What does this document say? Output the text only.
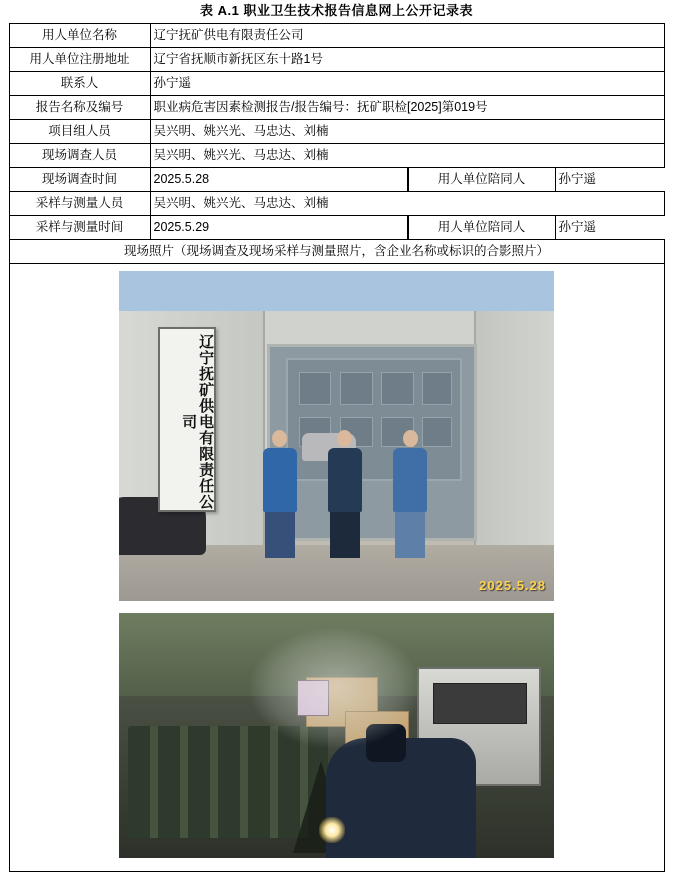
表 A.1 职业卫生技术报告信息网上公开记录表
用人单位名称	辽宁抚矿供电有限责任公司
用人单位注册地址	辽宁省抚顺市新抚区东十路1号
联系人	孙宁遥
报告名称及编号	职业病危害因素检测报告/报告编号：抚矿职检[2025]第019号
项目组人员	吴兴明、姚兴光、马忠达、刘楠
现场调查人员	吴兴明、姚兴光、马忠达、刘楠
现场调查时间	2025.5.28		用人单位陪同人	孙宁遥

采样与测量人员	吴兴明、姚兴光、马忠达、刘楠
采样与测量时间	2025.5.29		用人单位陪同人	孙宁遥

现场照片（现场调查及现场采样与测量照片，含企业名称或标识的合影照片）

辽宁抚矿供电有限责任公司
2025.5.28
